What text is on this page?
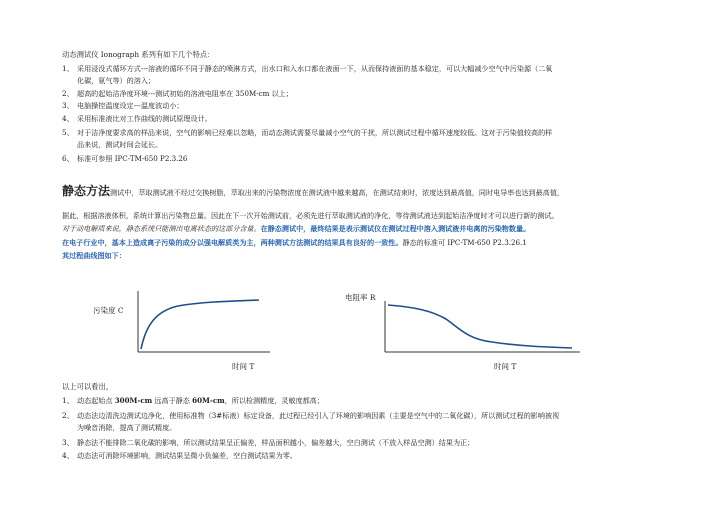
动态测试仪 Ionograph 系列有如下几个特点：
1、 采用浸没式循环方式---溶液的循环不同于静态的喷淋方式，出水口和入水口都在液面一下，从而保持液面的基本稳定，可以大幅减少空气中污染源（二氧
化碳，氨气等）的溶入；
2、 超高的起始洁净度环境---测试初始的溶液电阻率在 350M-cm 以上；
3、 电脑操控温度设定---温度波动小；
4、 采用标准液比对工作曲线的测试原理设计。
5、 对于洁净度要求高的样品来说，空气的影响已经难以忽略，而动态测试需要尽量减小空气的干扰，所以测试过程中循环速度较低。这对于污染值较高的样
品来说，测试时间会延长。
6、 标准可参照 IPC-TM-650 P2.3.26
静态方法测试中，萃取测试液不经过交换树脂，萃取出来的污染物浓度在测试液中越来越高，在测试结束时，浓度达到最高值，同时电导率也达到最高值，
据此，根据溶液体积，系统计算出污染物总量。因此在下一次开始测试前，必须先进行萃取测试液的净化，等待测试液达到起始洁净度时才可以进行新的测试。
对于动电解质来说，静态系统只能测出电离状态的这部分含量。在静态测试中，最终结果是表示测试仪在测试过程中溶入测试液并电离的污染物数量。
在电子行业中，基本上造成离子污染的成分以强电解质类为主，两种测试方法测试的结果具有良好的一致性。静态的标准可 IPC-TM-650 P2.3.26.1
其过程曲线图如下：
污染度 C
时间 T
电阻率 R
时间 T
以上可以看出，
1、 动态起始点 300M-cm 远高于静态 60M-cm，所以检测精度，灵敏度都高；
2、 动态法边清洗边测试边净化，使用标准物（3#标液）标定设备，此过程已经引入了环境的影响因素（主要是空气中的二氧化碳），所以测试过程的影响被视
为噪音消除，提高了测试精度。
3、 静态法不能排除二氧化碳的影响，所以测试结果呈正偏差，样品面积越小，偏差越大，空白测试（不放入样品空测）结果为正；
4、 动态法可消除环境影响，测试结果呈微小负偏差，空白测试结果为零。
